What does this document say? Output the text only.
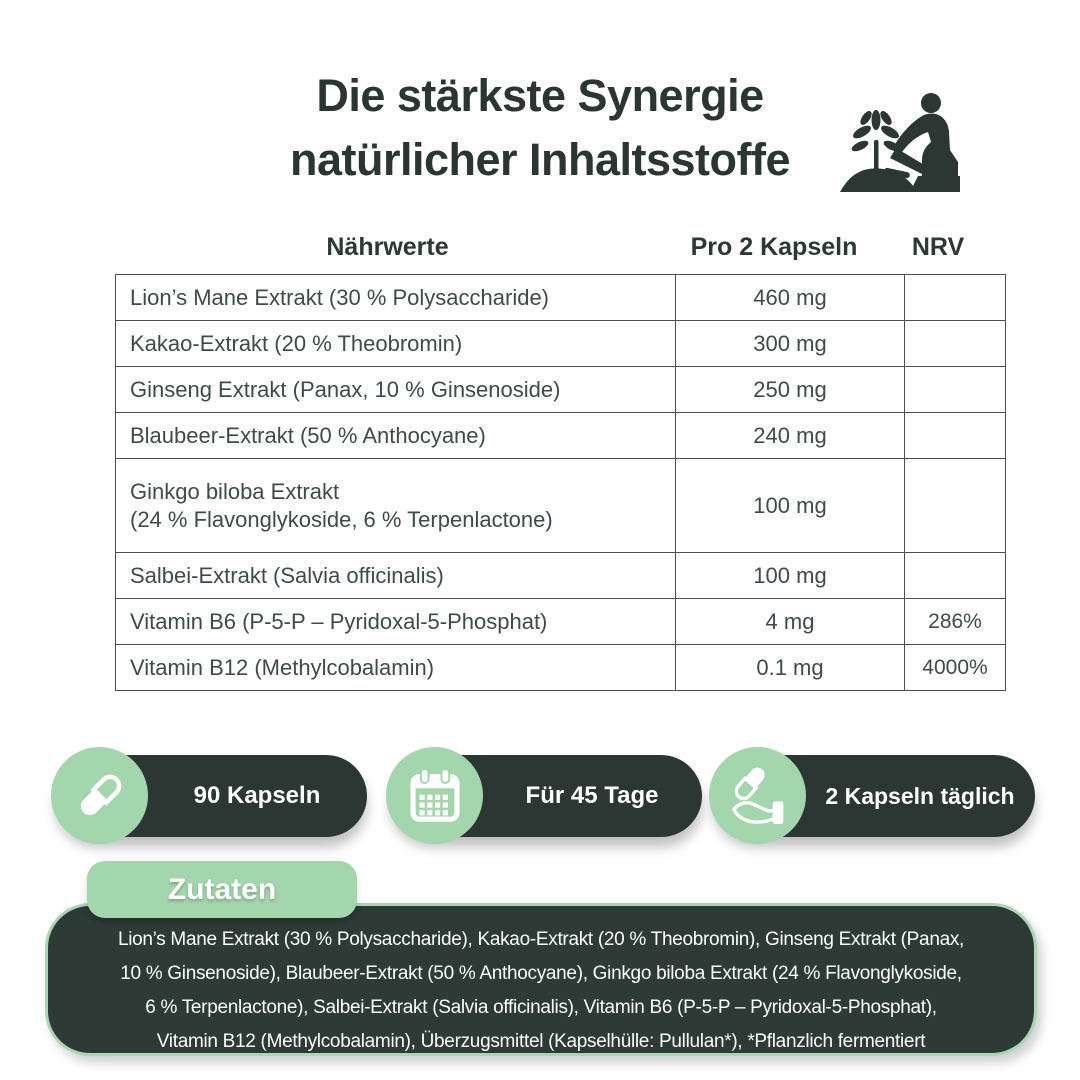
Die stärkste Synergie
natürlicher Inhaltsstoffe
Nährwerte	Pro 2 Kapseln	NRV
Lion’s Mane Extrakt (30 % Polysaccharide)	460 mg	
Kakao-Extrakt (20 % Theobromin)	300 mg	
Ginseng Extrakt (Panax, 10 % Ginsenoside)	250 mg	
Blaubeer-Extrakt (50 % Anthocyane)	240 mg	

Ginkgo biloba Extrakt
(24 % Flavonglykoside, 6 % Terpenlactone)	100 mg	
Salbei-Extrakt (Salvia officinalis)	100 mg	
Vitamin B6 (P-5-P – Pyridoxal-5-Phosphat)	4 mg	286%
Vitamin B12 (Methylcobalamin)	0.1 mg	4000%
90 Kapseln	Für 45 Tage	2 Kapseln täglich
Zutaten
Lion’s Mane Extrakt (30 % Polysaccharide), Kakao-Extrakt (20 % Theobromin), Ginseng Extrakt (Panax,
10 % Ginsenoside), Blaubeer-Extrakt (50 % Anthocyane), Ginkgo biloba Extrakt (24 % Flavonglykoside,
6 % Terpenlactone), Salbei-Extrakt (Salvia officinalis), Vitamin B6 (P-5-P – Pyridoxal-5-Phosphat),
Vitamin B12 (Methylcobalamin), Überzugsmittel (Kapselhülle: Pullulan*), *Pflanzlich fermentiert
